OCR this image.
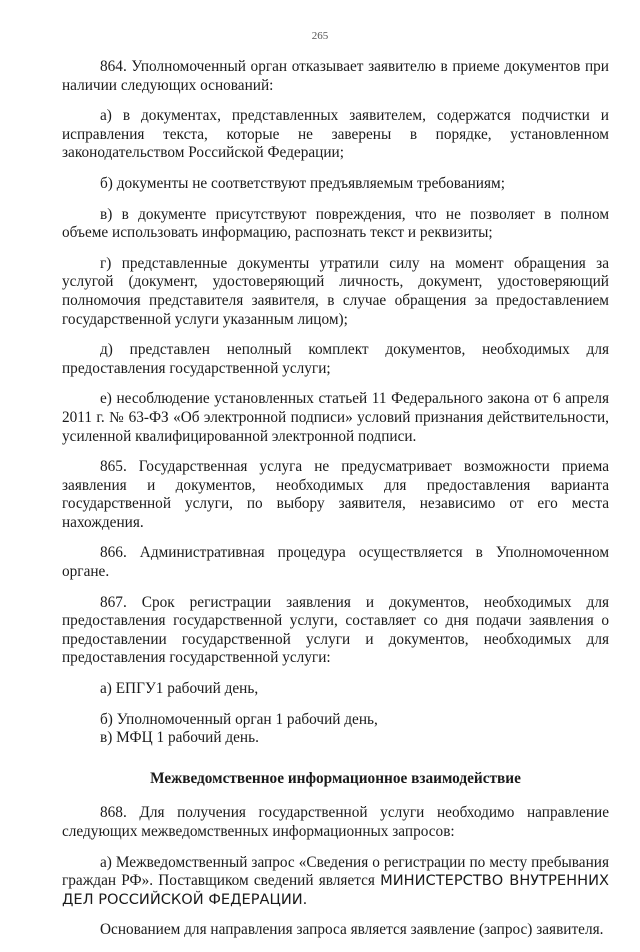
265

864. Уполномоченный орган отказывает заявителю в приеме документов при наличии следующих оснований:

а) в документах, представленных заявителем, содержатся подчистки и исправления текста, которые не заверены в порядке, установленном законодательством Российской Федерации;

б) документы не соответствуют предъявляемым требованиям;

в) в документе присутствуют повреждения, что не позволяет в полном объеме использовать информацию, распознать текст и реквизиты;

г) представленные документы утратили силу на момент обращения за услугой (документ, удостоверяющий личность, документ, удостоверяющий полномочия представителя заявителя, в случае обращения за предоставлением государственной услуги указанным лицом);

д) представлен неполный комплект документов, необходимых для предоставления государственной услуги;

е) несоблюдение установленных статьей 11 Федерального закона от 6 апреля 2011 г. № 63-ФЗ «Об электронной подписи» условий признания действительности, усиленной квалифицированной электронной подписи.

865. Государственная услуга не предусматривает возможности приема заявления и документов, необходимых для предоставления варианта государственной услуги, по выбору заявителя, независимо от его места нахождения.

866. Административная процедура осуществляется в Уполномоченном органе.

867. Срок регистрации заявления и документов, необходимых для предоставления государственной услуги, составляет со дня подачи заявления о предоставлении государственной услуги и документов, необходимых для предоставления государственной услуги:

а) ЕПГУ1 рабочий день,

б) Уполномоченный орган 1 рабочий день,

в) МФЦ 1 рабочий день.

Межведомственное информационное взаимодействие

868. Для получения государственной услуги необходимо направление следующих межведомственных информационных запросов:

а) Межведомственный запрос «Сведения о регистрации по месту пребывания граждан РФ». Поставщиком сведений является МИНИСТЕРСТВО ВНУТРЕННИХ ДЕЛ РОССИЙСКОЙ ФЕДЕРАЦИИ.

Основанием для направления запроса является заявление (запрос) заявителя.
